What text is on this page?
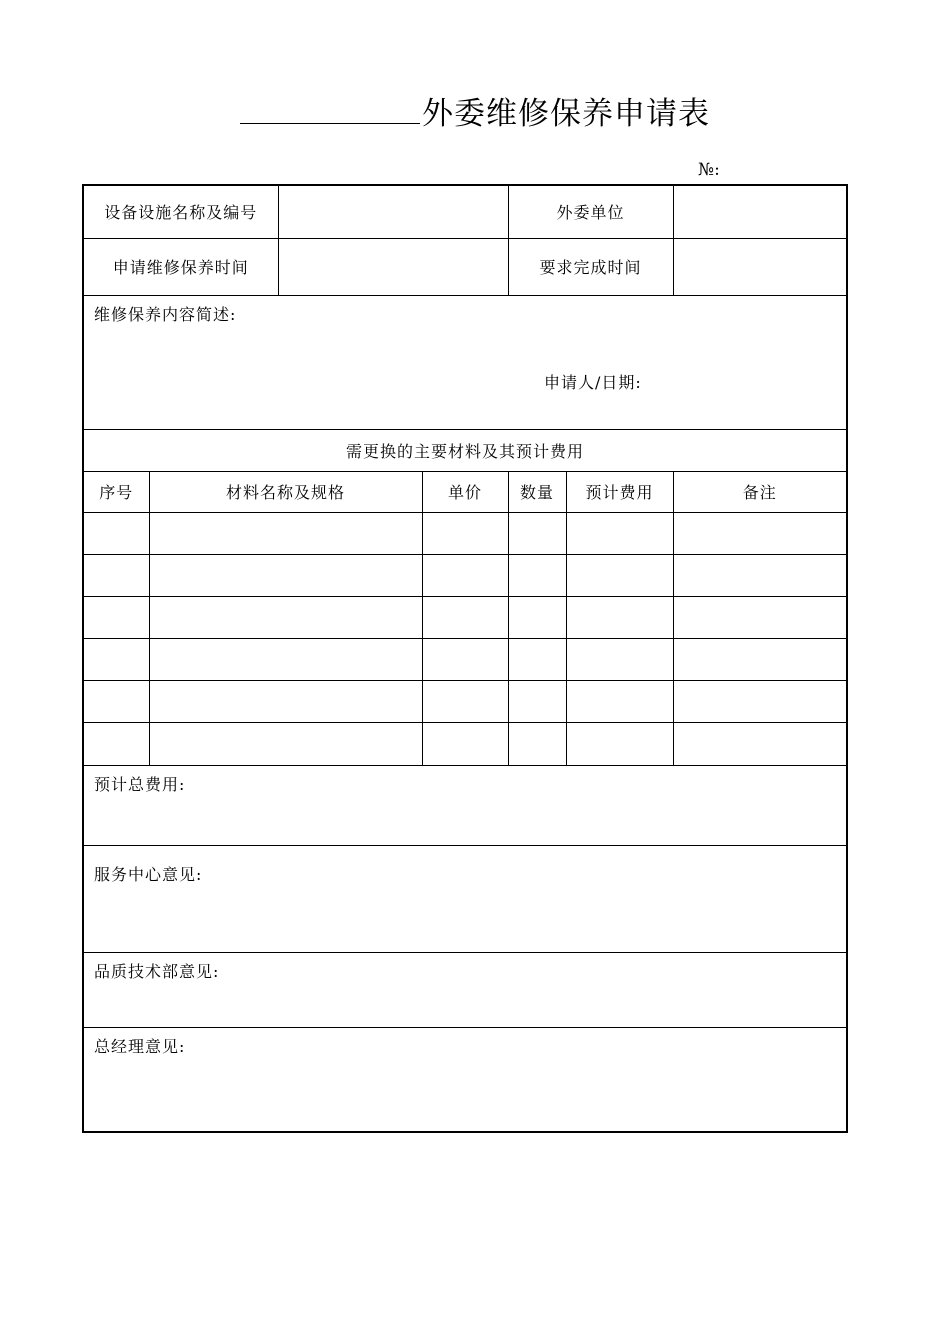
外委维修保养申请表
№:
设备设施名称及编号				外委单位		
申请维修保养时间				要求完成时间		
维修保养内容简述:
申请人/日期:						

需更换的主要材料及其预计费用						
序号	材料名称及规格		单价	数量	预计费用	备注

预计总费用:						
服务中心意见:						
品质技术部意见:						
总经理意见:						
